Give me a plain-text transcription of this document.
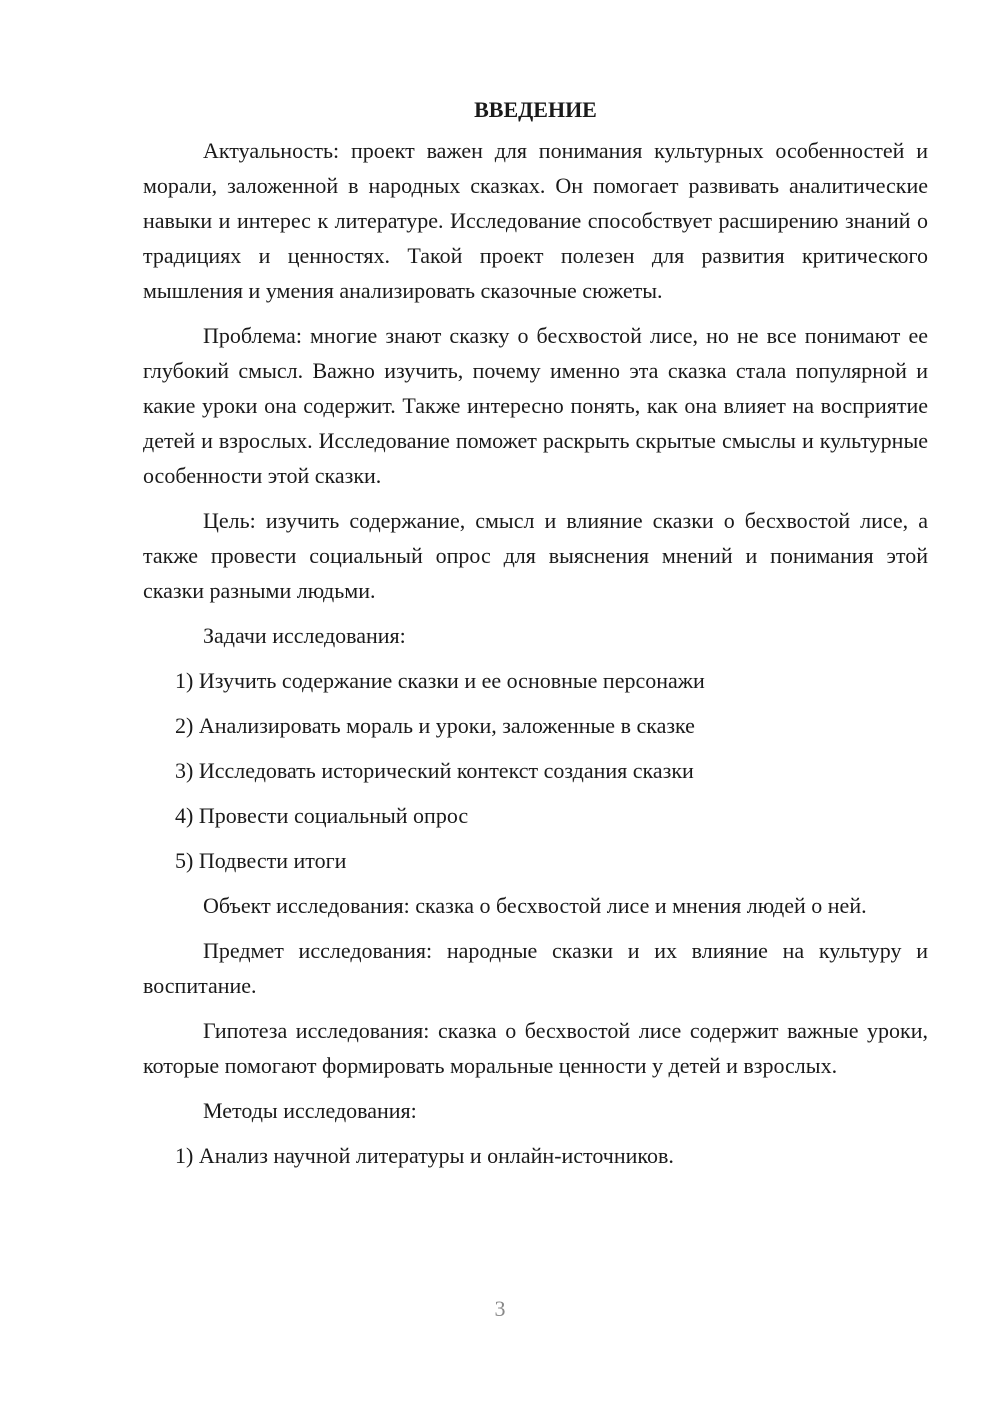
ВВЕДЕНИЕ

Актуальность: проект важен для понимания культурных особенностей и морали, заложенной в народных сказках. Он помогает развивать аналитические навыки и интерес к литературе. Исследование способствует расширению знаний о традициях и ценностях. Такой проект полезен для развития критического мышления и умения анализировать сказочные сюжеты.

Проблема: многие знают сказку о бесхвостой лисе, но не все понимают ее глубокий смысл. Важно изучить, почему именно эта сказка стала популярной и какие уроки она содержит. Также интересно понять, как она влияет на восприятие детей и взрослых. Исследование поможет раскрыть скрытые смыслы и культурные особенности этой сказки.

Цель: изучить содержание, смысл и влияние сказки о бесхвостой лисе, а также провести социальный опрос для выяснения мнений и понимания этой сказки разными людьми.

Задачи исследования:

1) Изучить содержание сказки и ее основные персонажи

2) Анализировать мораль и уроки, заложенные в сказке

3) Исследовать исторический контекст создания сказки

4) Провести социальный опрос

5) Подвести итоги

Объект исследования: сказка о бесхвостой лисе и мнения людей о ней.

Предмет исследования: народные сказки и их влияние на культуру и воспитание.

Гипотеза исследования: сказка о бесхвостой лисе содержит важные уроки, которые помогают формировать моральные ценности у детей и взрослых.

Методы исследования:

1) Анализ научной литературы и онлайн-источников.

3
